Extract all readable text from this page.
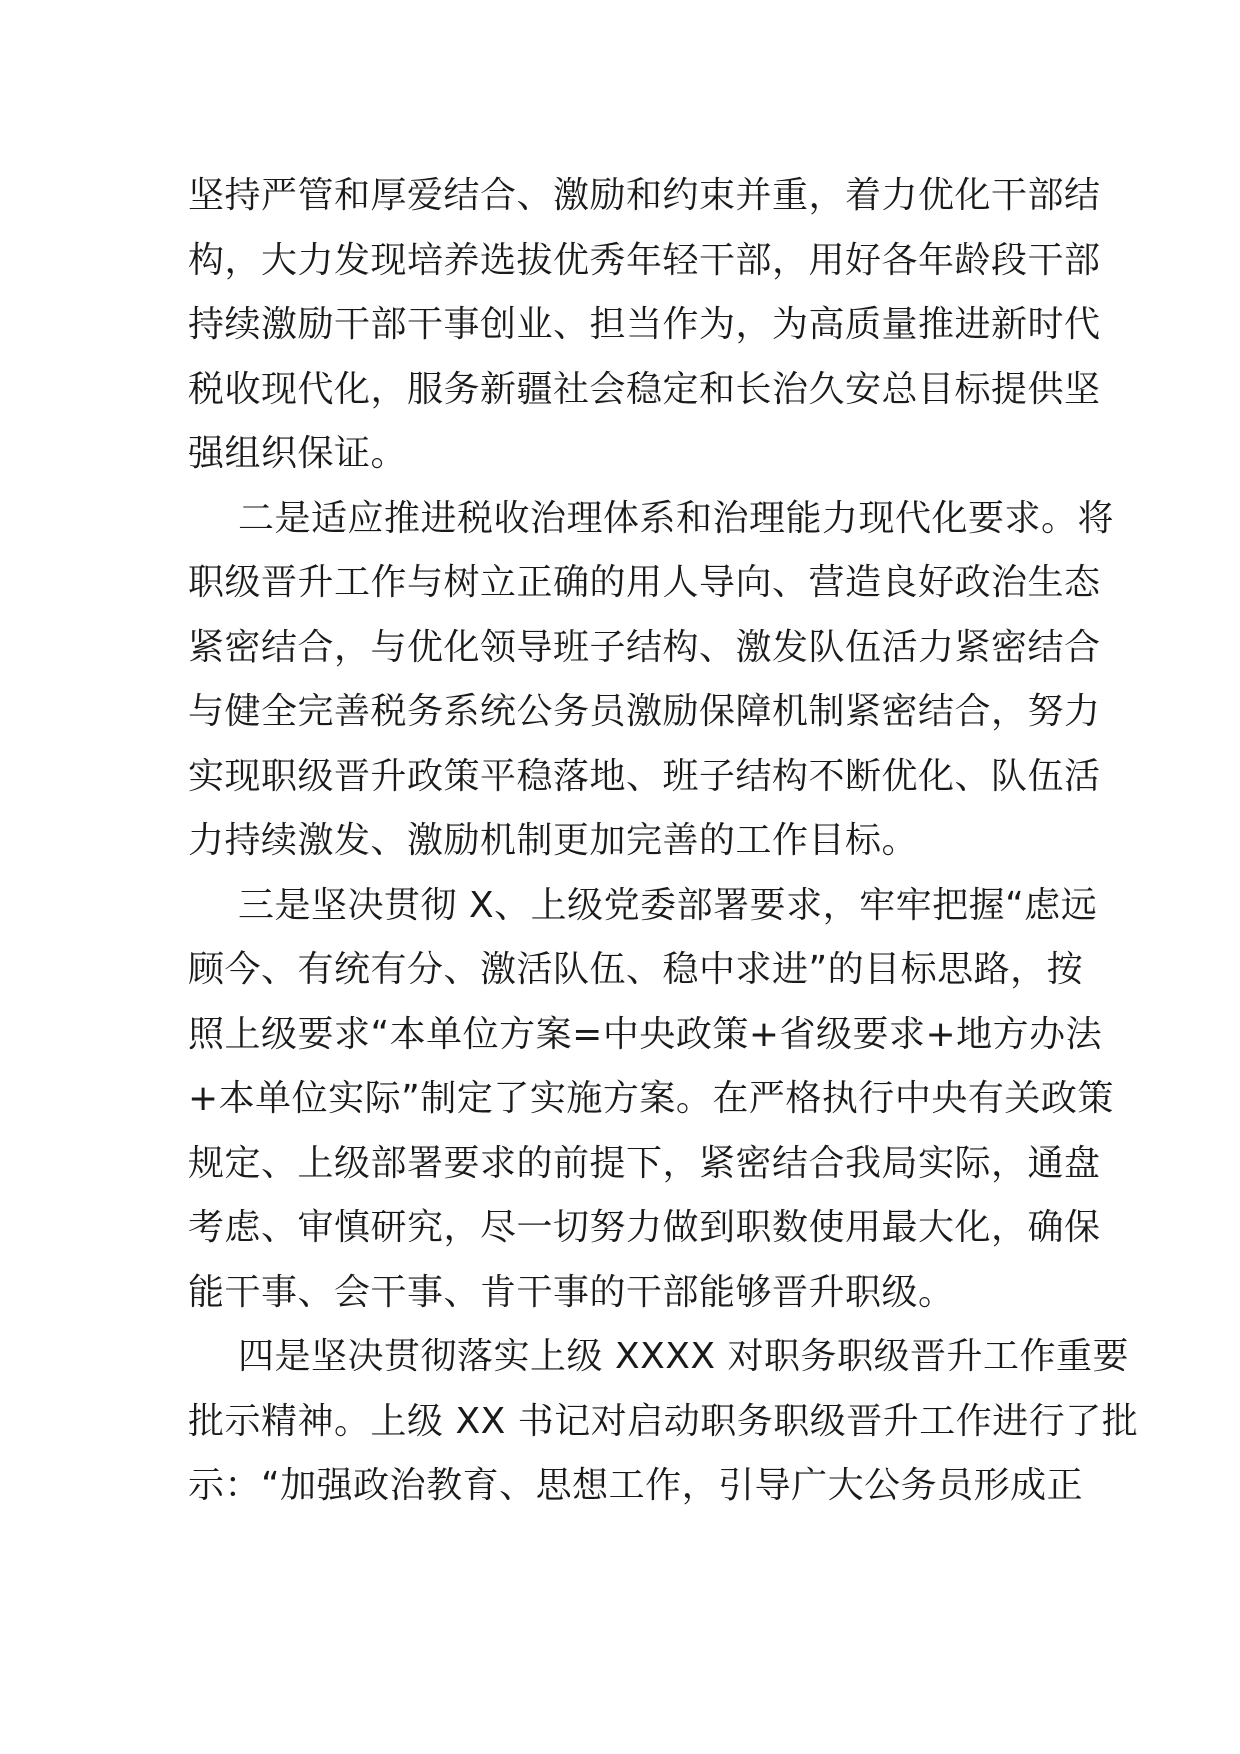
坚持严管和厚爱结合、激励和约束并重，着力优化干部结
构，大力发现培养选拔优秀年轻干部，用好各年龄段干部
持续激励干部干事创业、担当作为，为高质量推进新时代
税收现代化，服务新疆社会稳定和长治久安总目标提供坚
强组织保证。

二是适应推进税收治理体系和治理能力现代化要求。将
职级晋升工作与树立正确的用人导向、营造良好政治生态
紧密结合，与优化领导班子结构、激发队伍活力紧密结合
与健全完善税务系统公务员激励保障机制紧密结合，努力
实现职级晋升政策平稳落地、班子结构不断优化、队伍活
力持续激发、激励机制更加完善的工作目标。

三是坚决贯彻 X、上级党委部署要求，牢牢把握“虑远
顾今、有统有分、激活队伍、稳中求进”的目标思路，按
照上级要求“本单位方案=中央政策+省级要求+地方办法
+本单位实际”制定了实施方案。在严格执行中央有关政策
规定、上级部署要求的前提下，紧密结合我局实际，通盘
考虑、审慎研究，尽一切努力做到职数使用最大化，确保
能干事、会干事、肯干事的干部能够晋升职级。

四是坚决贯彻落实上级 XXXX 对职务职级晋升工作重要
批示精神。上级 XX 书记对启动职务职级晋升工作进行了批
示：“加强政治教育、思想工作，引导广大公务员形成正
